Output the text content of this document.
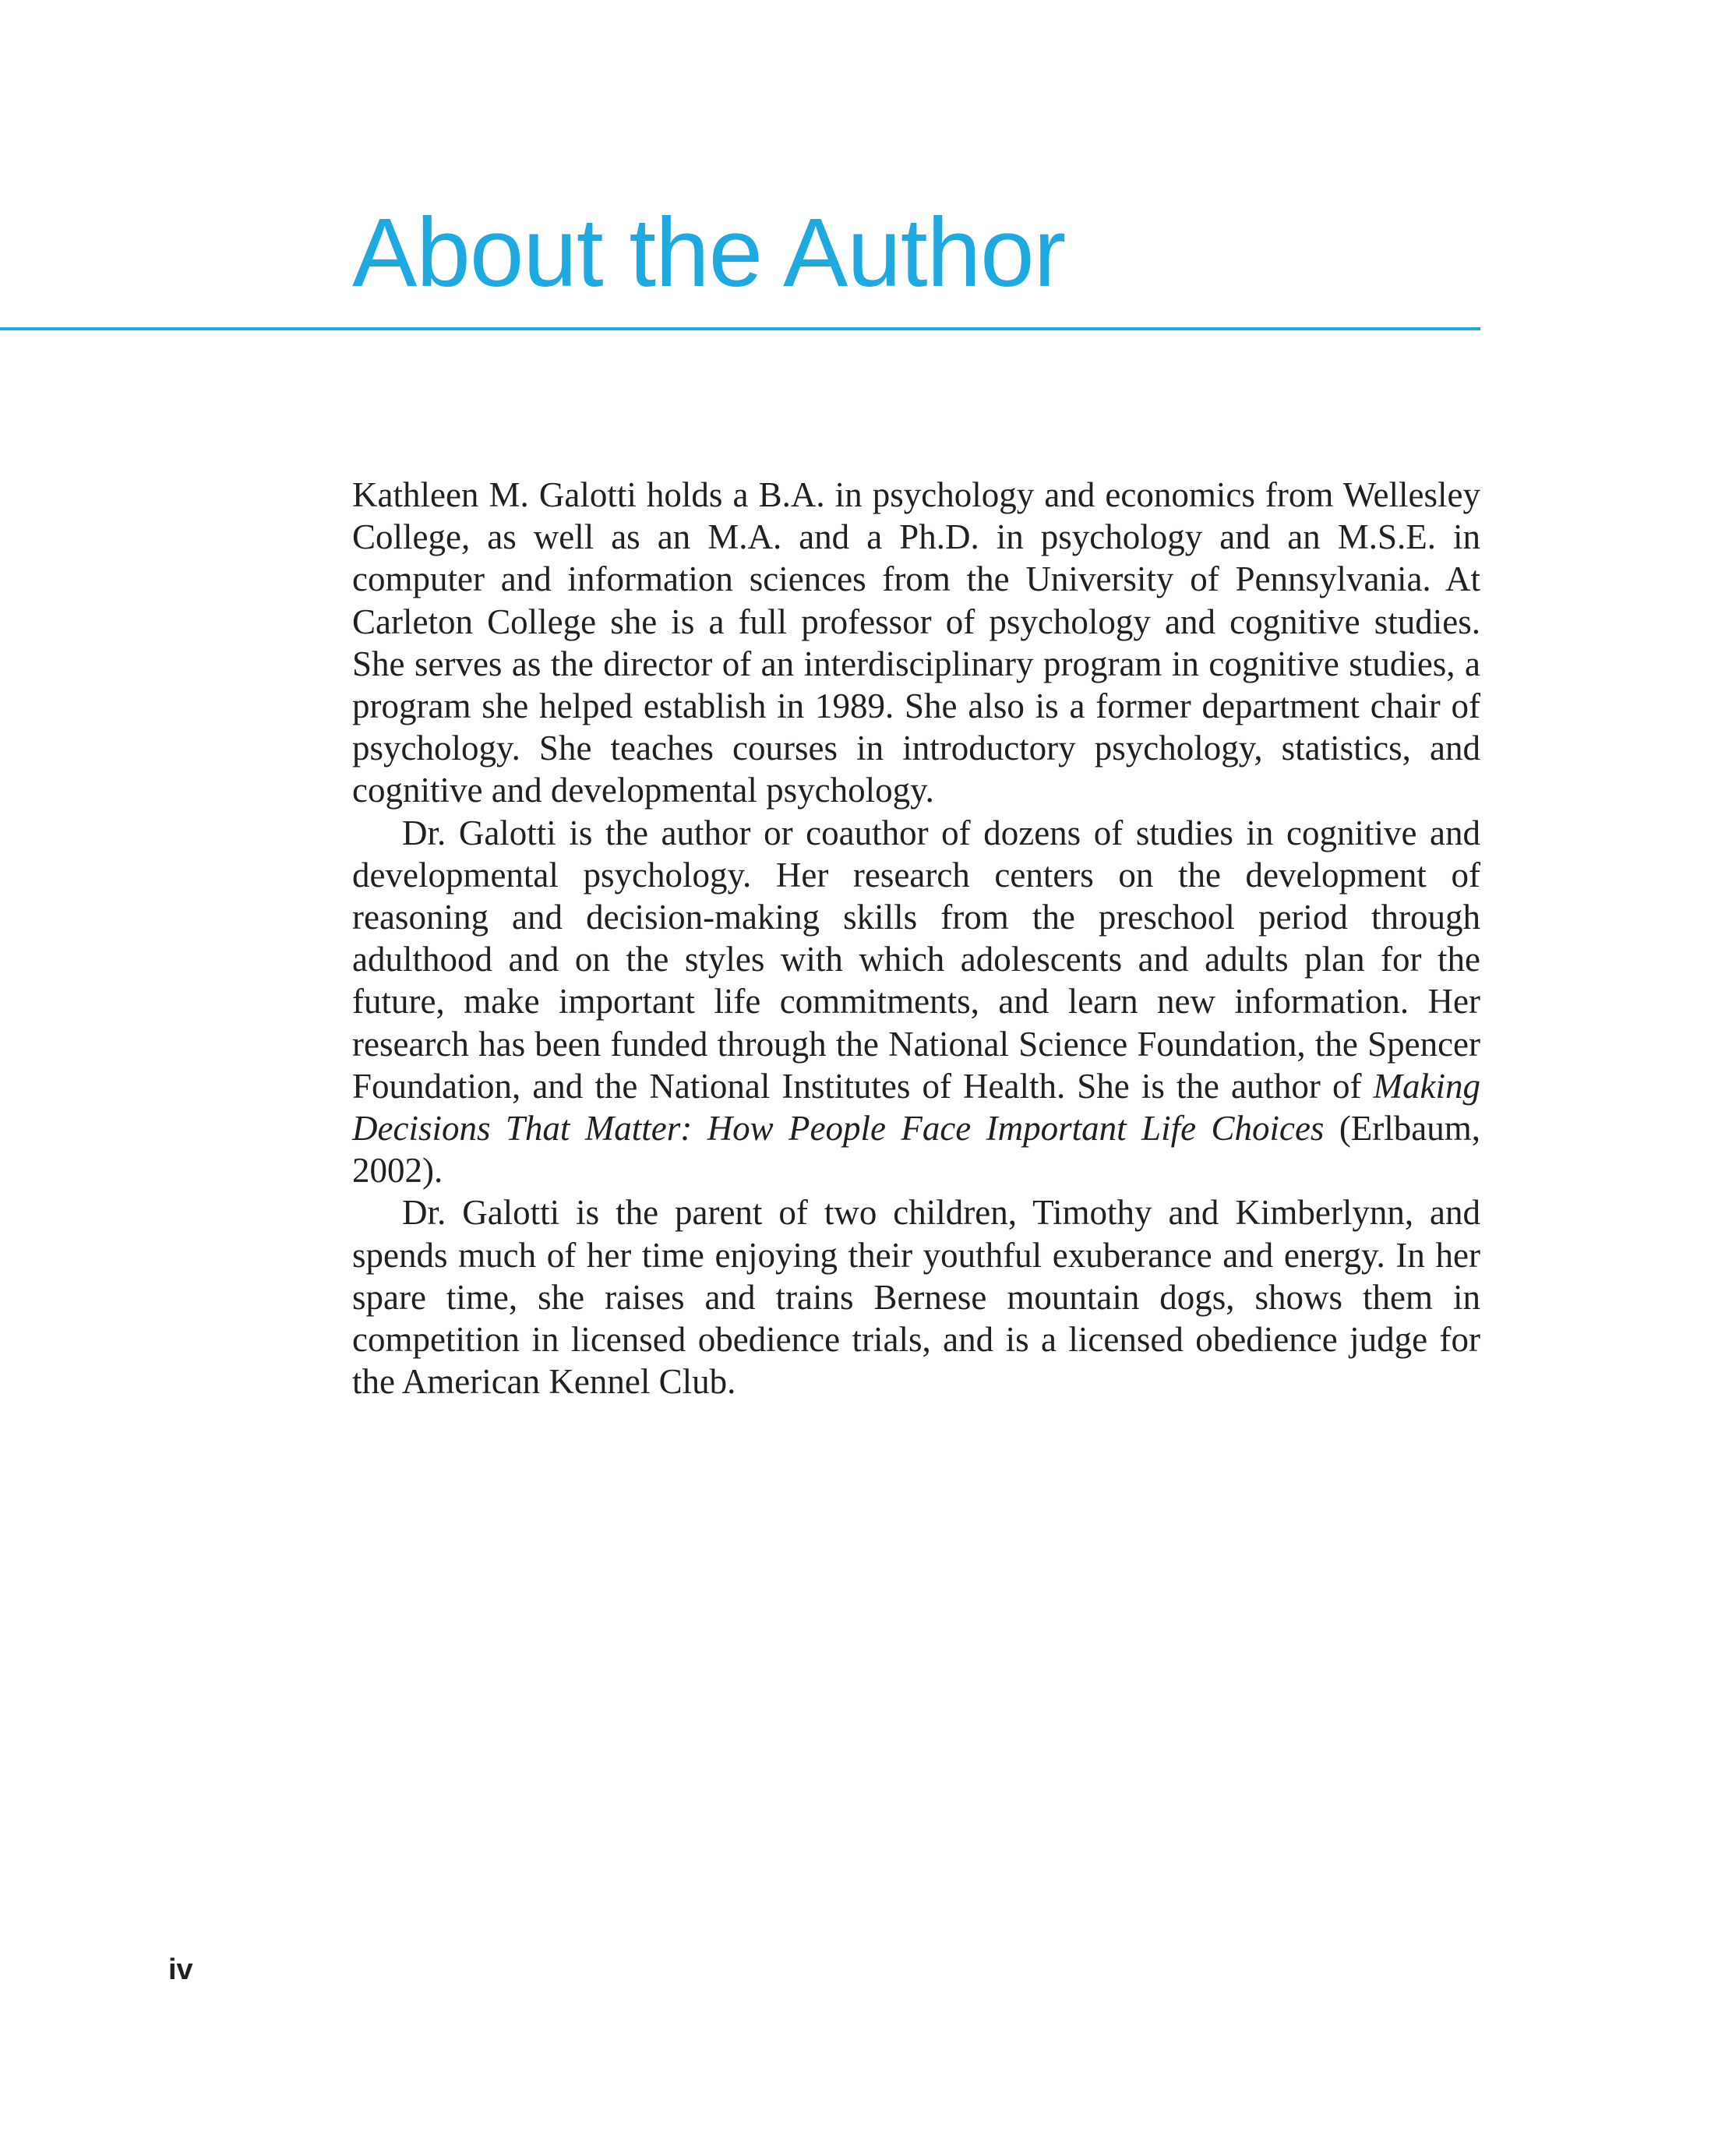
About the Author

Kathleen M. Galotti holds a B.A. in psychology and economics from Wellesley College, as well as an M.A. and a Ph.D. in psychology and an M.S.E. in computer and information sciences from the University of Pennsylvania. At Carleton College she is a full professor of psychology and cognitive studies. She serves as the director of an interdisciplinary program in cognitive studies, a program she helped establish in 1989. She also is a former department chair of psychology. She teaches courses in introductory psychology, statistics, and cognitive and developmental psychology.

Dr. Galotti is the author or coauthor of dozens of studies in cognitive and developmental psychology. Her research centers on the development of reasoning and decision-making skills from the preschool period through adulthood and on the styles with which adolescents and adults plan for the future, make important life commitments, and learn new information. Her research has been funded through the National Science Foundation, the Spencer Foundation, and the National Institutes of Health. She is the author of Making Decisions That Matter: How People Face Important Life Choices (Erlbaum, 2002).

Dr. Galotti is the parent of two children, Timothy and Kimberlynn, and spends much of her time enjoying their youthful exuberance and energy. In her spare time, she raises and trains Bernese mountain dogs, shows them in competition in licensed obedience trials, and is a licensed obedience judge for the American Kennel Club.

iv
